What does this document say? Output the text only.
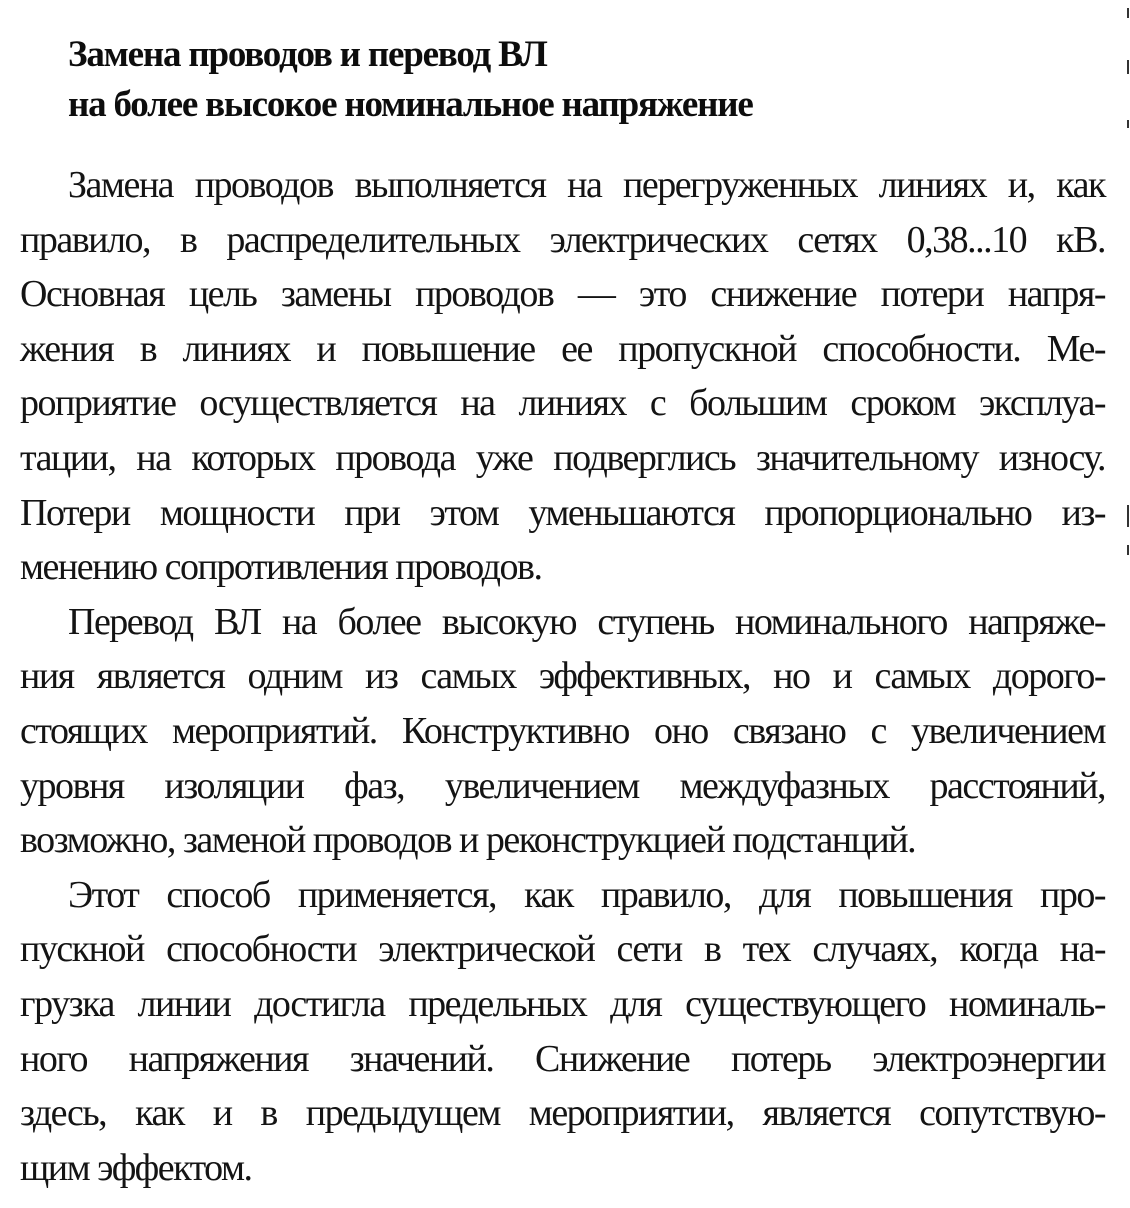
Замена проводов и перевод ВЛ
на более высокое номинальное напряжение
Замена проводов выполняется на перегруженных линиях и, как
правило, в распределительных электрических сетях 0,38...10 кВ.
Основная цель замены проводов — это снижение потери напря-
жения в линиях и повышение ее пропускной способности. Ме-
роприятие осуществляется на линиях с большим сроком эксплуа-
тации, на которых провода уже подверглись значительному износу.
Потери мощности при этом уменьшаются пропорционально из-
менению сопротивления проводов.
Перевод ВЛ на более высокую ступень номинального напряже-
ния является одним из самых эффективных, но и самых дорого-
стоящих мероприятий. Конструктивно оно связано с увеличением
уровня изоляции фаз, увеличением междуфазных расстояний,
возможно, заменой проводов и реконструкцией подстанций.
Этот способ применяется, как правило, для повышения про-
пускной способности электрической сети в тех случаях, когда на-
грузка линии достигла предельных для существующего номиналь-
ного напряжения значений. Снижение потерь электроэнергии
здесь, как и в предыдущем мероприятии, является сопутствую-
щим эффектом.
